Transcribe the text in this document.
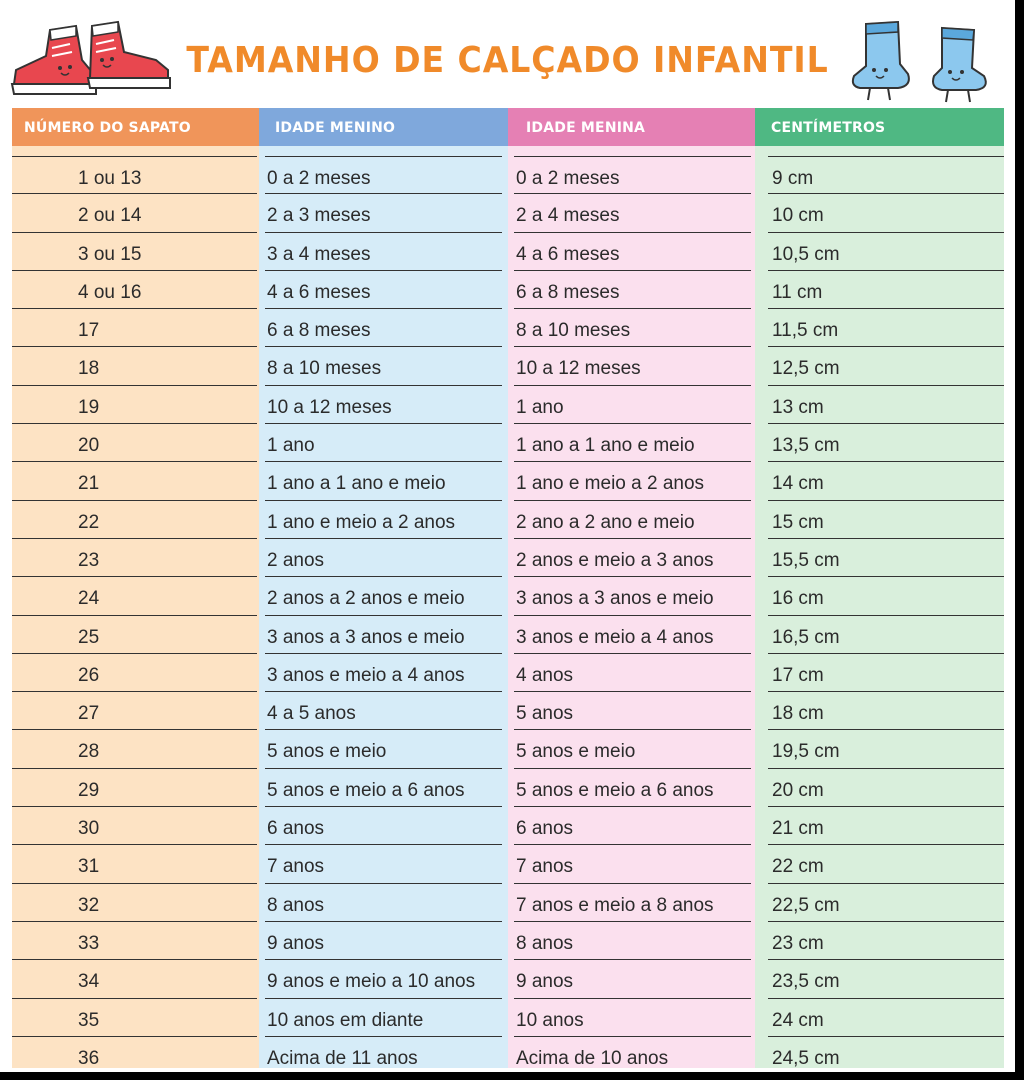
TAMANHO DE CALÇADO INFANTIL
NÚMERO DO SAPATO	IDADE MENINO	IDADE MENINA	CENTÍMETROS
1 ou 13	0 a 2 meses	0 a 2 meses	9 cm
2 ou 14	2 a 3 meses	2 a 4 meses	10 cm
3 ou 15	3 a 4 meses	4 a 6 meses	10,5 cm
4 ou 16	4 a 6 meses	6 a 8 meses	11 cm
17	6 a 8 meses	8 a 10 meses	11,5 cm
18	8 a 10 meses	10 a 12 meses	12,5 cm
19	10 a 12 meses	1 ano	13 cm
20	1 ano	1 ano a 1 ano e meio	13,5 cm
21	1 ano a 1 ano e meio	1 ano e meio a 2 anos	14 cm
22	1 ano e meio a 2 anos	2 ano a 2 ano e meio	15 cm
23	2 anos	2 anos e meio a 3 anos	15,5 cm
24	2 anos a 2 anos e meio	3 anos a 3 anos e meio	16 cm
25	3 anos a 3 anos e meio	3 anos e meio a 4 anos	16,5 cm
26	3 anos e meio a 4 anos	4 anos	17 cm
27	4 a 5 anos	5 anos	18 cm
28	5 anos e meio	5 anos e meio	19,5 cm
29	5 anos e meio a 6 anos	5 anos e meio a 6 anos	20 cm
30	6 anos	6 anos	21 cm
31	7 anos	7 anos	22 cm
32	8 anos	7 anos e meio a 8 anos	22,5 cm
33	9 anos	8 anos	23 cm
34	9 anos e meio a 10 anos	9 anos	23,5 cm
35	10 anos em diante	10 anos	24 cm
36	Acima de 11 anos	Acima de 10 anos	24,5 cm
